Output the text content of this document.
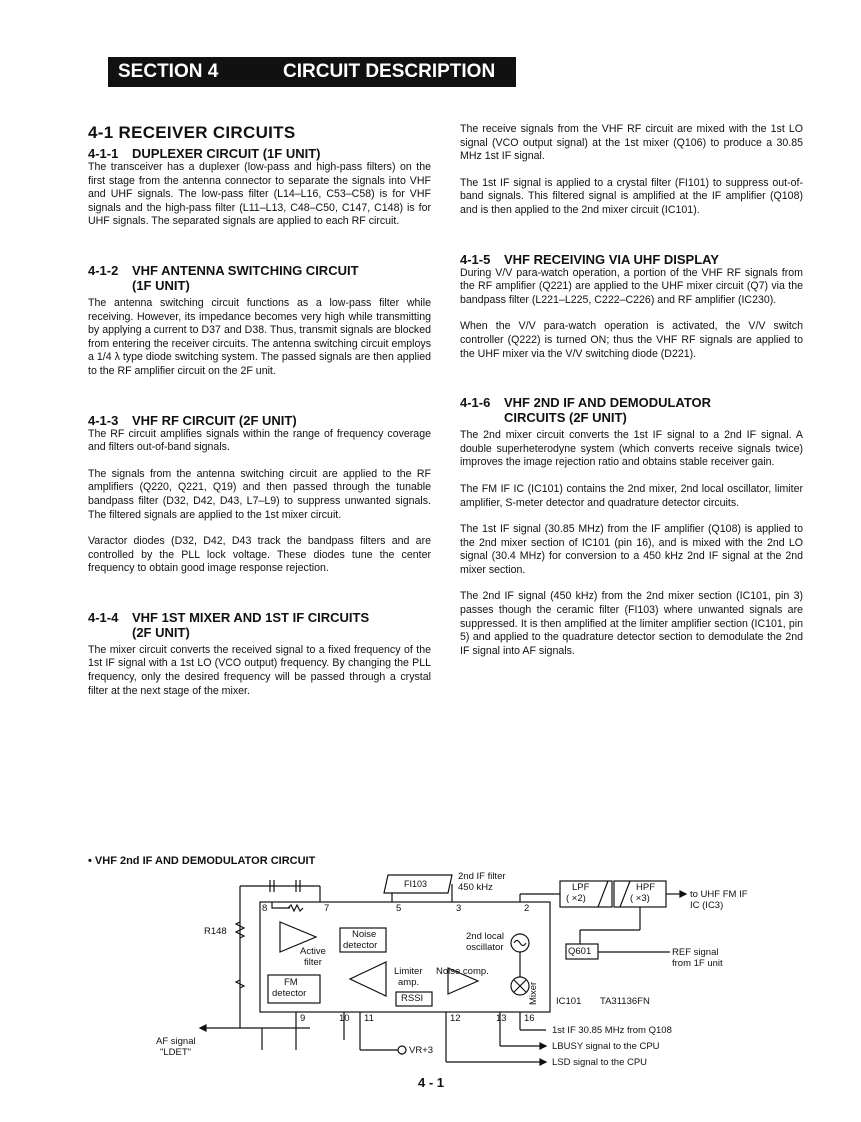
SECTION 4	CIRCUIT DESCRIPTION
4-1 RECEIVER CIRCUITS
4-1-1 DUPLEXER CIRCUIT (1F UNIT)

The transceiver has a duplexer (low-pass and high-pass filters) on the first stage from the antenna connector to separate the signals into VHF and UHF signals. The low-pass filter (L14–L16, C53–C58) is for VHF signals and the high-pass filter (L11–L13, C48–C50, C147, C148) is for UHF signals. The separated signals are applied to each RF circuit.

4-1-2 VHF ANTENNA SWITCHING CIRCUIT
(1F UNIT)

The antenna switching circuit functions as a low-pass filter while receiving. However, its impedance becomes very high while transmitting by applying a current to D37 and D38. Thus, transmit signals are blocked from entering the receiver circuits. The antenna switching circuit employs a 1/4 λ type diode switching system. The passed signals are then applied to the RF amplifier circuit on the 2F unit.

4-1-3 VHF RF CIRCUIT (2F UNIT)

The RF circuit amplifies signals within the range of frequency coverage and filters out-of-band signals.

The signals from the antenna switching circuit are applied to the RF amplifiers (Q220, Q221, Q19) and then passed through the tunable bandpass filter (D32, D42, D43, L7–L9) to suppress unwanted signals. The filtered signals are applied to the 1st mixer circuit.

Varactor diodes (D32, D42, D43 track the bandpass filters and are controlled by the PLL lock voltage. These diodes tune the center frequency to obtain good image response rejection.

4-1-4 VHF 1ST MIXER AND 1ST IF CIRCUITS
(2F UNIT)

The mixer circuit converts the received signal to a fixed frequency of the 1st IF signal with a 1st LO (VCO output) frequency. By changing the PLL frequency, only the desired frequency will be passed through a crystal filter at the next stage of the mixer.

The receive signals from the VHF RF circuit are mixed with the 1st LO signal (VCO output signal) at the 1st mixer (Q106) to produce a 30.85 MHz 1st IF signal.

The 1st IF signal is applied to a crystal filter (FI101) to suppress out-of-band signals. This filtered signal is amplified at the IF amplifier (Q108) and is then applied to the 2nd mixer circuit (IC101).

4-1-5 VHF RECEIVING VIA UHF DISPLAY

During V/V para-watch operation, a portion of the VHF RF signals from the RF amplifier (Q221) are applied to the UHF mixer circuit (Q7) via the bandpass filter (L221–L225, C222–C226) and RF amplifier (IC230).

When the V/V para-watch operation is activated, the V/V switch controller (Q222) is turned ON; thus the VHF RF signals are applied to the UHF mixer via the V/V switching diode (D221).

4-1-6 VHF 2ND IF AND DEMODULATOR
CIRCUITS (2F UNIT)

The 2nd mixer circuit converts the 1st IF signal to a 2nd IF signal. A double superheterodyne system (which converts receive signals twice) improves the image rejection ratio and obtains stable receiver gain.

The FM IF IC (IC101) contains the 2nd mixer, 2nd local oscillator, limiter amplifier, S-meter detector and quadrature detector circuits.

The 1st IF signal (30.85 MHz) from the IF amplifier (Q108) is applied to the 2nd mixer section of IC101 (pin 16), and is mixed with the 2nd LO signal (30.4 MHz) for conversion to a 450 kHz 2nd IF signal at the 2nd mixer section.

The 2nd IF signal (450 kHz) from the 2nd mixer section (IC101, pin 3) passes though the ceramic filter (FI103) where unwanted signals are suppressed. It is then amplified at the limiter amplifier section (IC101, pin 5) and applied to the quadrature detector section to demodulate the 2nd IF signal into AF signals.

• VHF 2nd IF AND DEMODULATOR CIRCUIT
FI103
2nd IF filter
450 kHz	LPF
( ×2)
HPF
( ×3)	to UHF FM IF
IC (IC3)
R148
Active
filter
Noise
detector
2nd local
oscillator	Q601	REF signal
from 1F unit
FM
detector
Limiter
amp.
Noise comp.
RSSI	Mixer IC101 TA31136FN
8	7	5	3	2
9	10 11	12	13 16
AF signal
"LDET"	VR+3
1st IF 30.85 MHz from Q108
LBUSY signal to the CPU
LSD signal to the CPU
4 - 1
